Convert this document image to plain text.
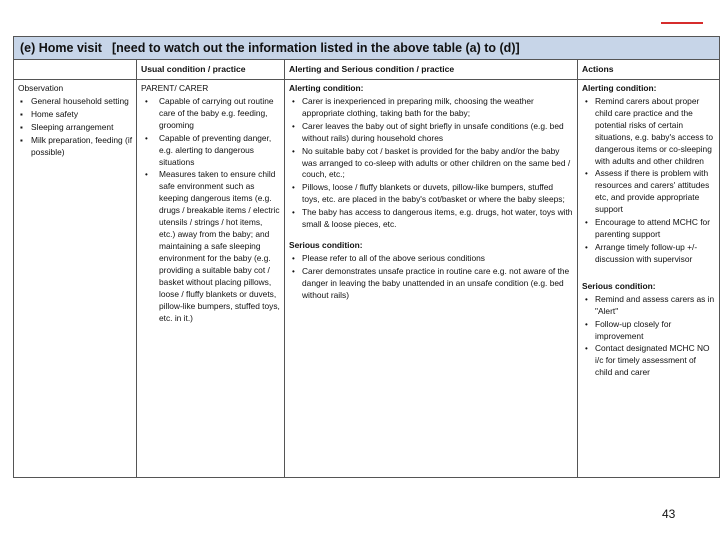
(e) Home visit [need to watch out the information listed in the above table (a) to (d)]
Observation
▪ General household setting
▪ Home safety
▪ Sleeping arrangement
▪ Milk preparation, feeding (if possible)
Usual condition / practice
PARENT/ CARER
• Capable of carrying out routine care of the baby e.g. feeding, grooming
• Capable of preventing danger, e.g. alerting to dangerous situations
• Measures taken to ensure child safe environment such as keeping dangerous items (e.g. drugs / breakable items / electric utensils / strings / hot items, etc.) away from the baby; and maintaining a safe sleeping environment for the baby (e.g. providing a suitable baby cot / basket without placing pillows, loose / fluffy blankets or duvets, pillow-like bumpers, stuffed toys, etc. in it.)
Alerting and Serious condition / practice
Alerting condition:
• Carer is inexperienced in preparing milk, choosing the weather appropriate clothing, taking bath for the baby;
• Carer leaves the baby out of sight briefly in unsafe conditions (e.g. bed without rails) during household chores
• No suitable baby cot / basket is provided for the baby and/or the baby was arranged to co-sleep with adults or other children on the same bed / couch, etc.;
• Pillows, loose / fluffy blankets or duvets, pillow-like bumpers, stuffed toys, etc. are placed in the baby's cot/basket or where the baby sleeps;
• The baby has access to dangerous items, e.g. drugs, hot water, toys with small & loose pieces, etc.
Serious condition:
• Please refer to all of the above serious conditions
• Carer demonstrates unsafe practice in routine care e.g. not aware of the danger in leaving the baby unattended in an unsafe condition (e.g. bed without rails)
Actions
Alerting condition:
• Remind carers about proper child care practice and the potential risks of certain situations, e.g. baby's access to dangerous items or co-sleeping with adults and other children
• Assess if there is problem with resources and carers' attitudes etc, and provide appropriate support
• Encourage to attend MCHC for parenting support
• Arrange timely follow-up +/- discussion with supervisor
Serious condition:
• Remind and assess carers as in "Alert"
• Follow-up closely for improvement
• Contact designated MCHC NO i/c for timely assessment of child and carer
43
